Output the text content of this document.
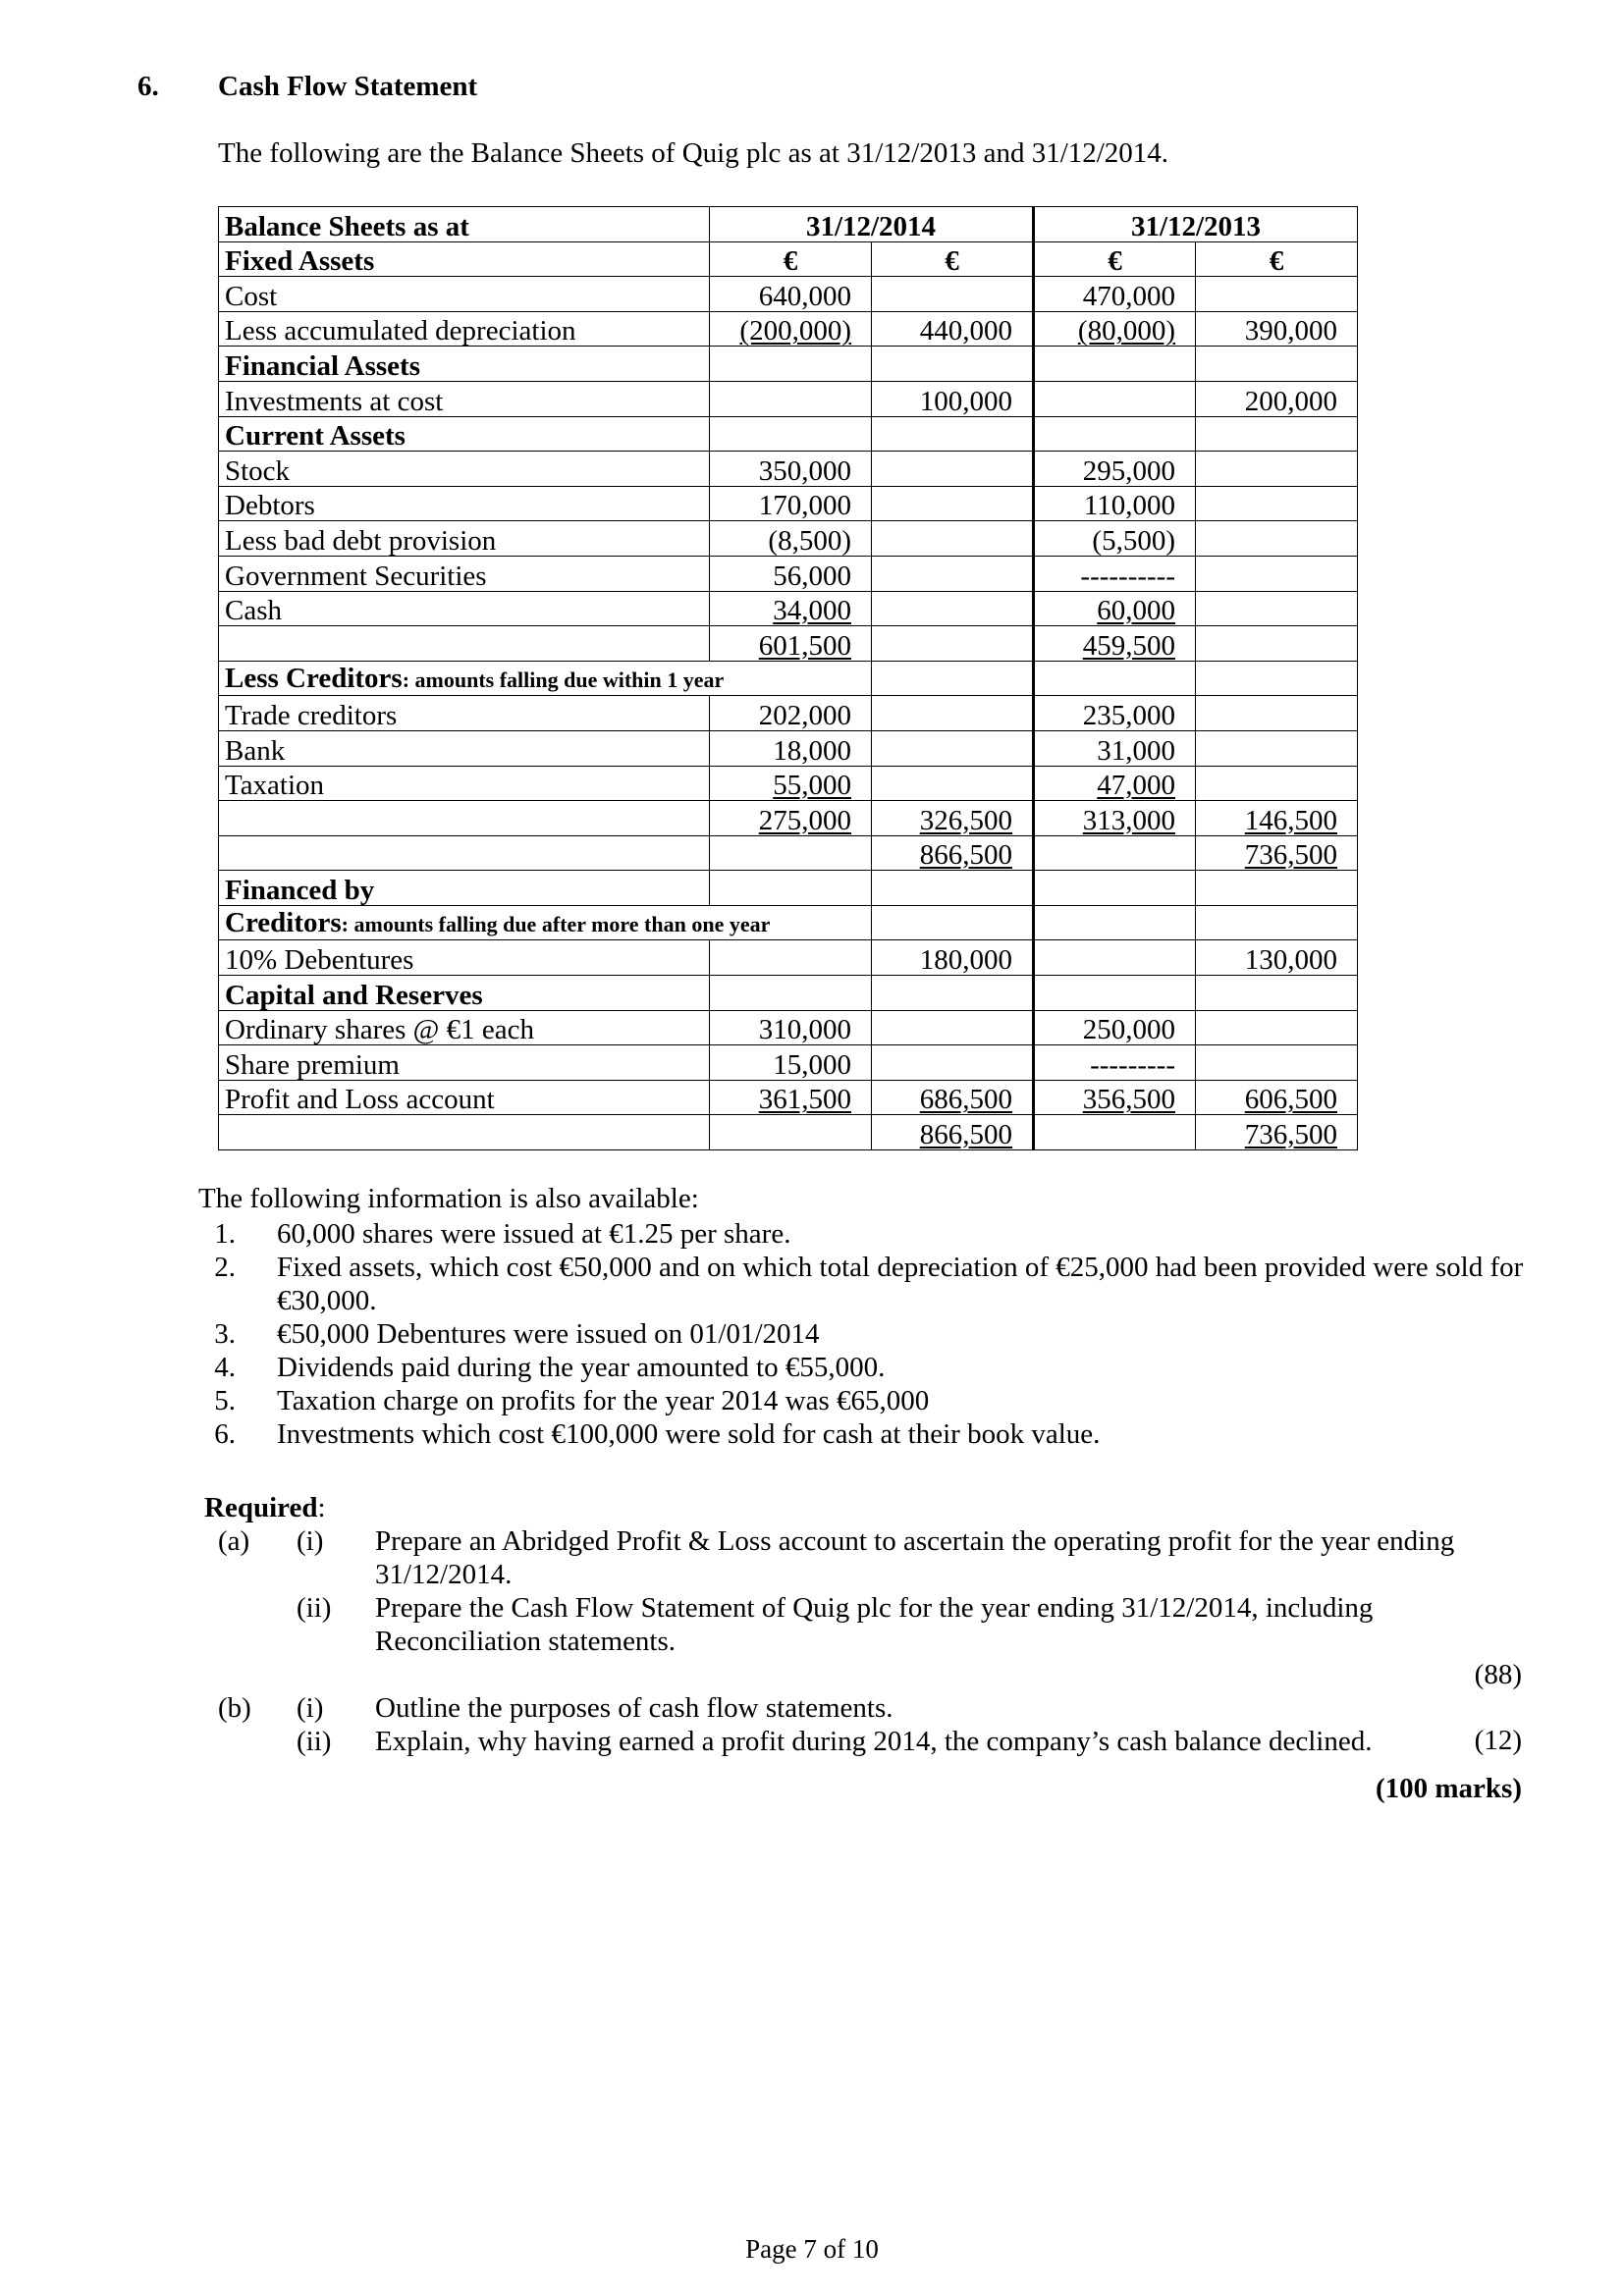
6. Cash Flow Statement
The following are the Balance Sheets of Quig plc as at 31/12/2013 and 31/12/2014.
Balance Sheets as at	31/12/2014		31/12/2013	
Fixed Assets	€	€	€	€
Cost	640,000		470,000	
Less accumulated depreciation	(200,000)	440,000	(80,000)	390,000
Financial Assets				
Investments at cost		100,000		200,000
Current Assets				
Stock	350,000		295,000	
Debtors	170,000		110,000	
Less bad debt provision	(8,500)		(5,500)	
Government Securities	56,000		----------	
Cash	34,000		60,000	
	601,500		459,500	
Less Creditors: amounts falling due within 1 year				
Trade creditors	202,000		235,000	
Bank	18,000		31,000	
Taxation	55,000		47,000	
	275,000	326,500	313,000	146,500
		866,500		736,500
Financed by				
Creditors: amounts falling due after more than one year				
10% Debentures		180,000		130,000
Capital and Reserves				
Ordinary shares @ €1 each	310,000		250,000	
Share premium	15,000		---------	
Profit and Loss account	361,500	686,500	356,500	606,500
		866,500		736,500
The following information is also available:
1. 60,000 shares were issued at €1.25 per share.
2. Fixed assets, which cost €50,000 and on which total depreciation of €25,000 had been provided were sold for €30,000.
3. €50,000 Debentures were issued on 01/01/2014
4. Dividends paid during the year amounted to €55,000.
5. Taxation charge on profits for the year 2014 was €65,000
6. Investments which cost €100,000 were sold for cash at their book value.
Required:
(a) (i) Prepare an Abridged Profit & Loss account to ascertain the operating profit for the year ending 31/12/2014.
(ii) Prepare the Cash Flow Statement of Quig plc for the year ending 31/12/2014, including Reconciliation statements.
(88)
(b) (i) Outline the purposes of cash flow statements.
(ii) Explain, why having earned a profit during 2014, the company’s cash balance declined.	(12)
(100 marks)
Page 7 of 10
